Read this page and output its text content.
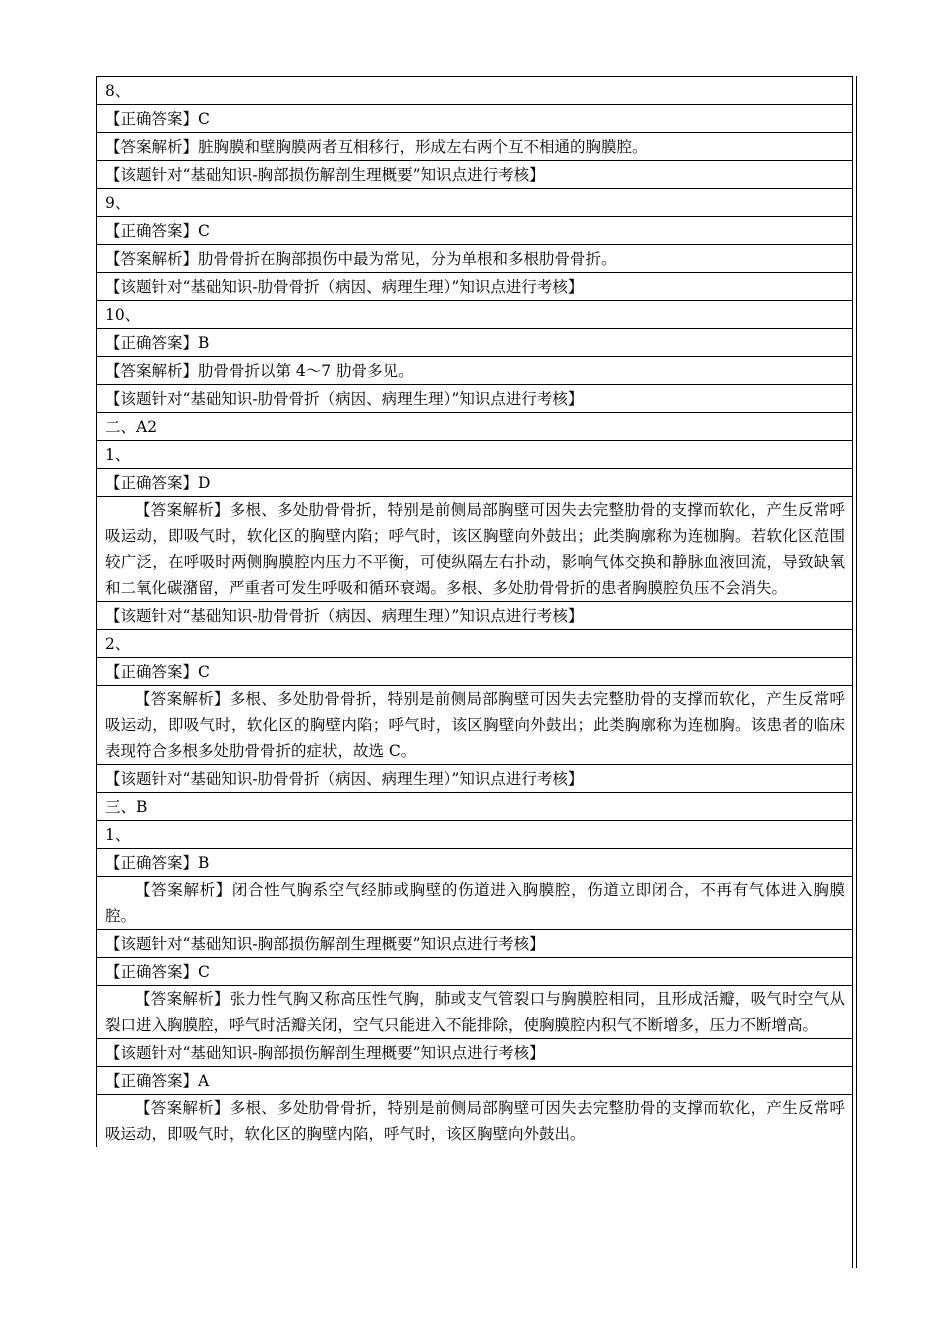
8、
【正确答案】C
【答案解析】脏胸膜和壁胸膜两者互相移行，形成左右两个互不相通的胸膜腔。
【该题针对“基础知识-胸部损伤解剖生理概要”知识点进行考核】
9、
【正确答案】C
【答案解析】肋骨骨折在胸部损伤中最为常见，分为单根和多根肋骨骨折。
【该题针对“基础知识-肋骨骨折（病因、病理生理）”知识点进行考核】
10、
【正确答案】B
【答案解析】肋骨骨折以第 4～7 肋骨多见。
【该题针对“基础知识-肋骨骨折（病因、病理生理）”知识点进行考核】
二、A2
1、
【正确答案】D
【答案解析】多根、多处肋骨骨折，特别是前侧局部胸壁可因失去完整肋骨的支撑而软化，产生反常呼吸运动，即吸气时，软化区的胸壁内陷；呼气时，该区胸壁向外鼓出；此类胸廓称为连枷胸。若软化区范围较广泛，在呼吸时两侧胸膜腔内压力不平衡，可使纵隔左右扑动，影响气体交换和静脉血液回流，导致缺氧和二氧化碳潴留，严重者可发生呼吸和循环衰竭。多根、多处肋骨骨折的患者胸膜腔负压不会消失。
【该题针对“基础知识-肋骨骨折（病因、病理生理）”知识点进行考核】
2、
【正确答案】C
【答案解析】多根、多处肋骨骨折，特别是前侧局部胸壁可因失去完整肋骨的支撑而软化，产生反常呼吸运动，即吸气时，软化区的胸壁内陷；呼气时，该区胸壁向外鼓出；此类胸廓称为连枷胸。该患者的临床表现符合多根多处肋骨骨折的症状，故选 C。
【该题针对“基础知识-肋骨骨折（病因、病理生理）”知识点进行考核】
三、B
1、
【正确答案】B
【答案解析】闭合性气胸系空气经肺或胸壁的伤道进入胸膜腔，伤道立即闭合，不再有气体进入胸膜腔。
【该题针对“基础知识-胸部损伤解剖生理概要”知识点进行考核】
【正确答案】C
【答案解析】张力性气胸又称高压性气胸，肺或支气管裂口与胸膜腔相同，且形成活瓣，吸气时空气从裂口进入胸膜腔，呼气时活瓣关闭，空气只能进入不能排除，使胸膜腔内积气不断增多，压力不断增高。
【该题针对“基础知识-胸部损伤解剖生理概要”知识点进行考核】
【正确答案】A
【答案解析】多根、多处肋骨骨折，特别是前侧局部胸壁可因失去完整肋骨的支撑而软化，产生反常呼吸运动，即吸气时，软化区的胸壁内陷，呼气时，该区胸壁向外鼓出。
